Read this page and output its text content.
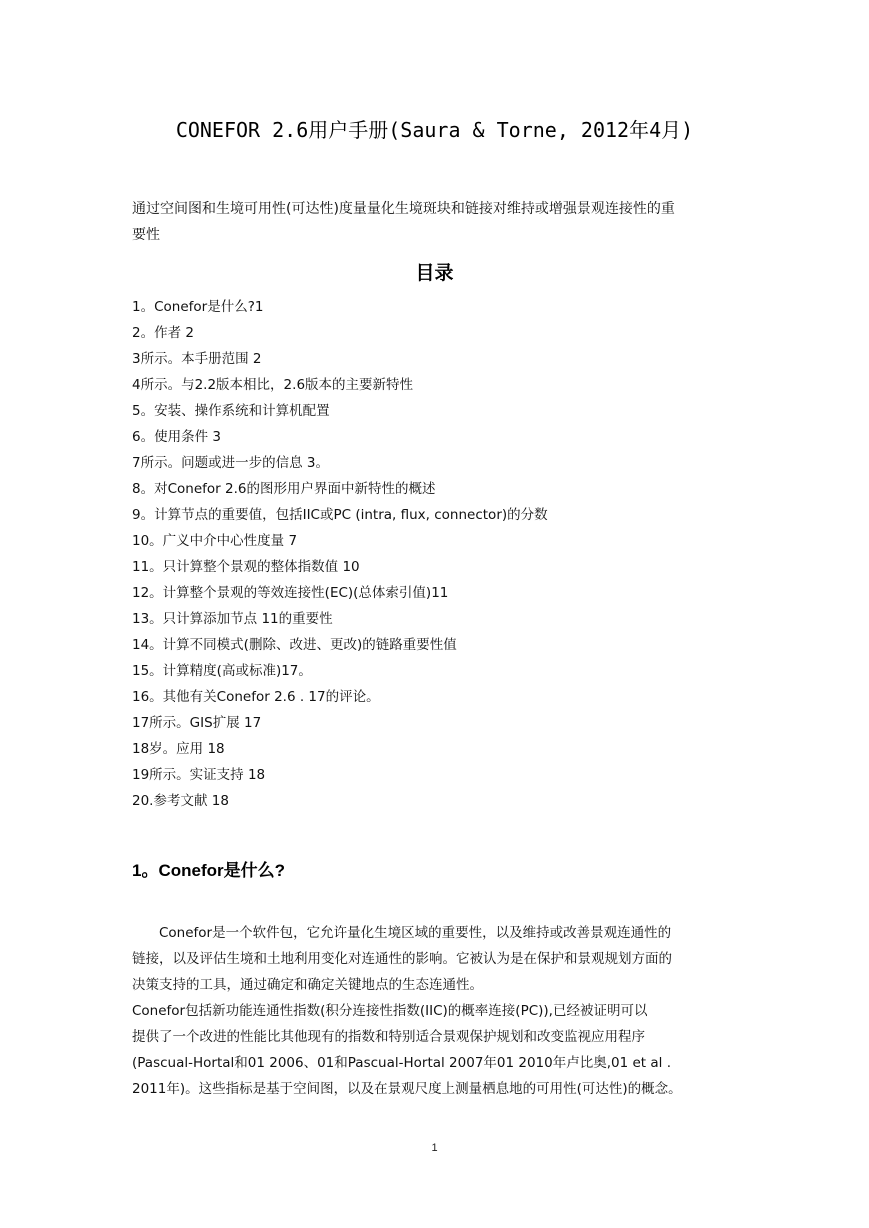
CONEFOR 2.6用户手册(Saura & Torne, 2012年4月)
通过空间图和生境可用性(可达性)度量量化生境斑块和链接对维持或增强景观连接性的重
要性
目录
1。Conefor是什么?1
2。作者 2
3所示。本手册范围 2
4所示。与2.2版本相比，2.6版本的主要新特性
5。安装、操作系统和计算机配置
6。使用条件 3
7所示。问题或进一步的信息 3。
8。对Conefor 2.6的图形用户界面中新特性的概述
9。计算节点的重要值，包括IIC或PC (intra, flux, connector)的分数
10。广义中介中心性度量 7
11。只计算整个景观的整体指数值 10
12。计算整个景观的等效连接性(EC)(总体索引值)11
13。只计算添加节点 11的重要性
14。计算不同模式(删除、改进、更改)的链路重要性值
15。计算精度(高或标准)17。
16。其他有关Conefor 2.6 . 17的评论。
17所示。GIS扩展 17
18岁。应用 18
19所示。实证支持 18
20.参考文献 18
1。Conefor是什么?

Conefor是一个软件包，它允许量化生境区域的重要性，以及维持或改善景观连通性的

链接，以及评估生境和土地利用变化对连通性的影响。它被认为是在保护和景观规划方面的
决策支持的工具，通过确定和确定关键地点的生态连通性。

Conefor包括新功能连通性指数(积分连接性指数(IIC)的概率连接(PC)),已经被证明可以
提供了一个改进的性能比其他现有的指数和特别适合景观保护规划和改变监视应用程序
(Pascual-Hortal和01 2006、01和Pascual-Hortal 2007年01 2010年卢比奥,01 et al .
2011年)。这些指标是基于空间图，以及在景观尺度上测量栖息地的可用性(可达性)的概念。

1
